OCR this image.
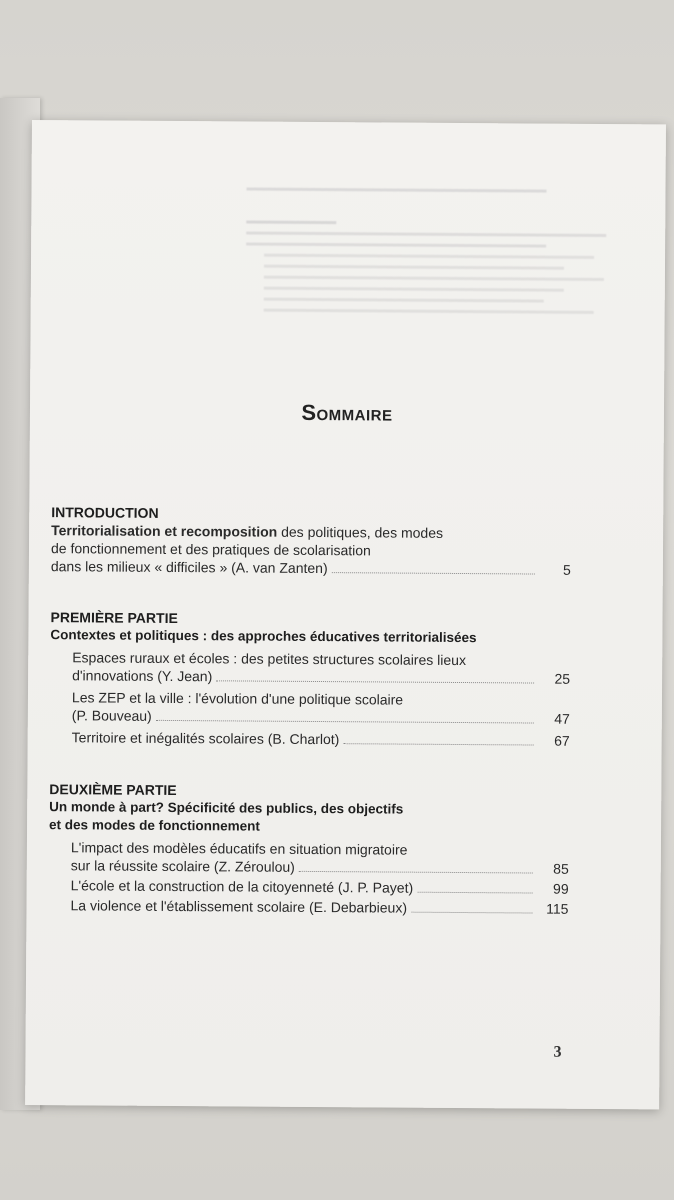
Sommaire
INTRODUCTION
Territorialisation et recomposition des politiques, des modes
de fonctionnement et des pratiques de scolarisation
dans les milieux « difficiles » (A. van Zanten)	5
PREMIÈRE PARTIE
Contextes et politiques : des approches éducatives territorialisées
Espaces ruraux et écoles : des petites structures scolaires lieux
d'innovations (Y. Jean)	25
Les ZEP et la ville : l'évolution d'une politique scolaire
(P. Bouveau)	47
Territoire et inégalités scolaires (B. Charlot)	67
DEUXIÈME PARTIE
Un monde à part? Spécificité des publics, des objectifs
et des modes de fonctionnement
L'impact des modèles éducatifs en situation migratoire
sur la réussite scolaire (Z. Zéroulou)	85
L'école et la construction de la citoyenneté (J. P. Payet)	99
La violence et l'établissement scolaire (E. Debarbieux)	115
3
